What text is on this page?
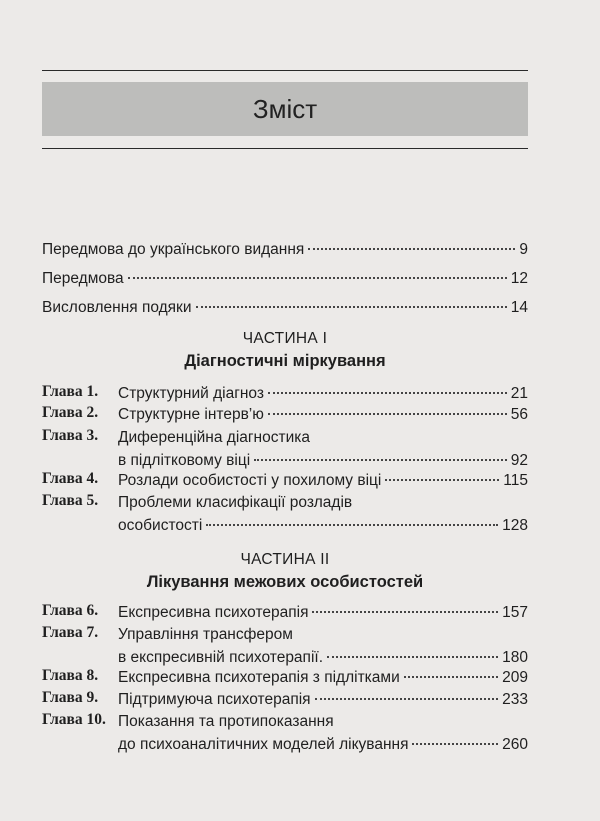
Зміст
Передмова до українського видання	9
Передмова	12
Висловлення подяки	14
ЧАСТИНА I
Діагностичні міркування
Глава 1.	Структурний діагноз	21
Глава 2.	Структурне інтерв’ю	56
Глава 3.	Диференційна діагностика
в підлітковому віці	92
Глава 4.	Розлади особистості у похилому віці	115
Глава 5.	Проблеми класифікації розладів
особистості	128
ЧАСТИНА II
Лікування межових особистостей
Глава 6.	Експресивна психотерапія	157
Глава 7.	Управління трансфером
в експресивній психотерапії.	180
Глава 8.	Експресивна психотерапія з підлітками	209
Глава 9.	Підтримуюча психотерапія	233
Глава 10. Показання та протипоказання
до психоаналітичних моделей лікування	260
